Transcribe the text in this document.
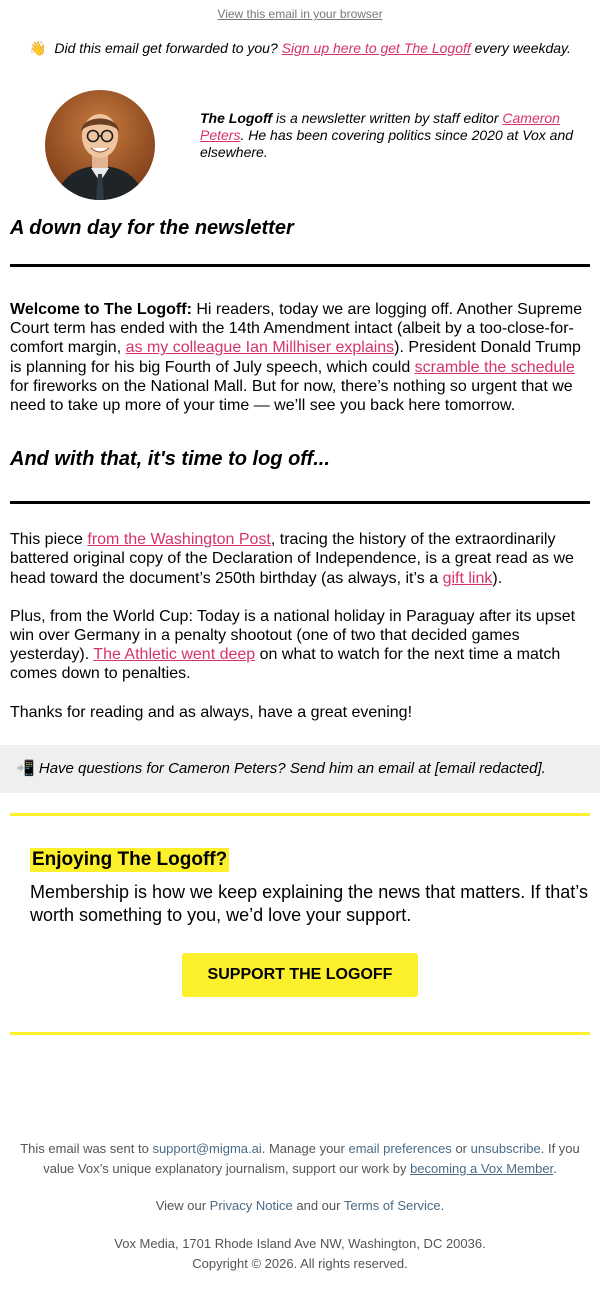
View this email in your browser
👋 Did this email get forwarded to you? Sign up here to get The Logoff every weekday.
The Logoff is a newsletter written by staff editor Cameron Peters. He has been covering politics since 2020 at Vox and elsewhere.
A down day for the newsletter

Welcome to The Logoff: Hi readers, today we are logging off. Another Supreme Court term has ended with the 14th Amendment intact (albeit by a too-close-for-comfort margin, as my colleague Ian Millhiser explains). President Donald Trump is planning for his big Fourth of July speech, which could scramble the schedule for fireworks on the National Mall. But for now, there’s nothing so urgent that we need to take up more of your time — we’ll see you back here tomorrow.

And with that, it's time to log off...

This piece from the Washington Post, tracing the history of the extraordinarily battered original copy of the Declaration of Independence, is a great read as we head toward the document’s 250th birthday (as always, it’s a gift link).

Plus, from the World Cup: Today is a national holiday in Paraguay after its upset win over Germany in a penalty shootout (one of two that decided games yesterday). The Athletic went deep on what to watch for the next time a match comes down to penalties.

Thanks for reading and as always, have a great evening!

📲 Have questions for Cameron Peters? Send him an email at [email redacted].
Enjoying The Logoff?
Membership is how we keep explaining the news that matters. If that’s worth something to you, we’d love your support.
SUPPORT THE LOGOFF
This email was sent to support@migma.ai. Manage your email preferences or unsubscribe. If you value Vox’s unique explanatory journalism, support our work by becoming a Vox Member.
View our Privacy Notice and our Terms of Service.
Vox Media, 1701 Rhode Island Ave NW, Washington, DC 20036.
Copyright © 2026. All rights reserved.
